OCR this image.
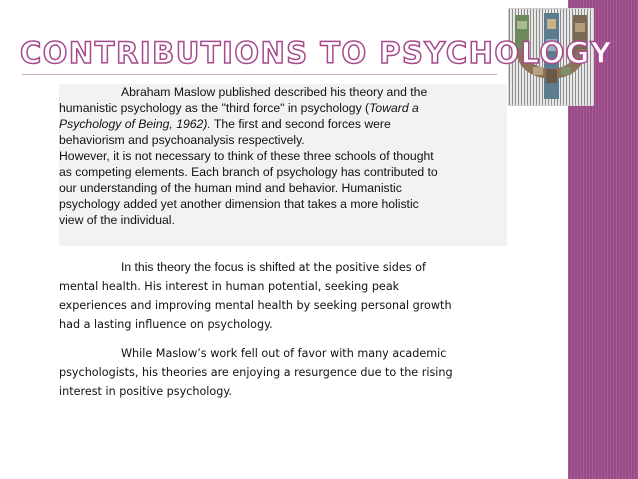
CONTRIBUTIONS TO PSYCHOLOGY

Abraham Maslow published described his theory and the
humanistic psychology as the "third force" in psychology (Toward a
Psychology of Being, 1962). The first and second forces were
behaviorism and psychoanalysis respectively.
However, it is not necessary to think of these three schools of thought
as competing elements. Each branch of psychology has contributed to
our understanding of the human mind and behavior. Humanistic
psychology added yet another dimension that takes a more holistic
view of the individual.

In this theory the focus is shifted at the positive sides of
mental health. His interest in human potential, seeking peak
experiences and improving mental health by seeking personal growth
had a lasting influence on psychology.

While Maslow’s work fell out of favor with many academic
psychologists, his theories are enjoying a resurgence due to the rising
interest in positive psychology.
